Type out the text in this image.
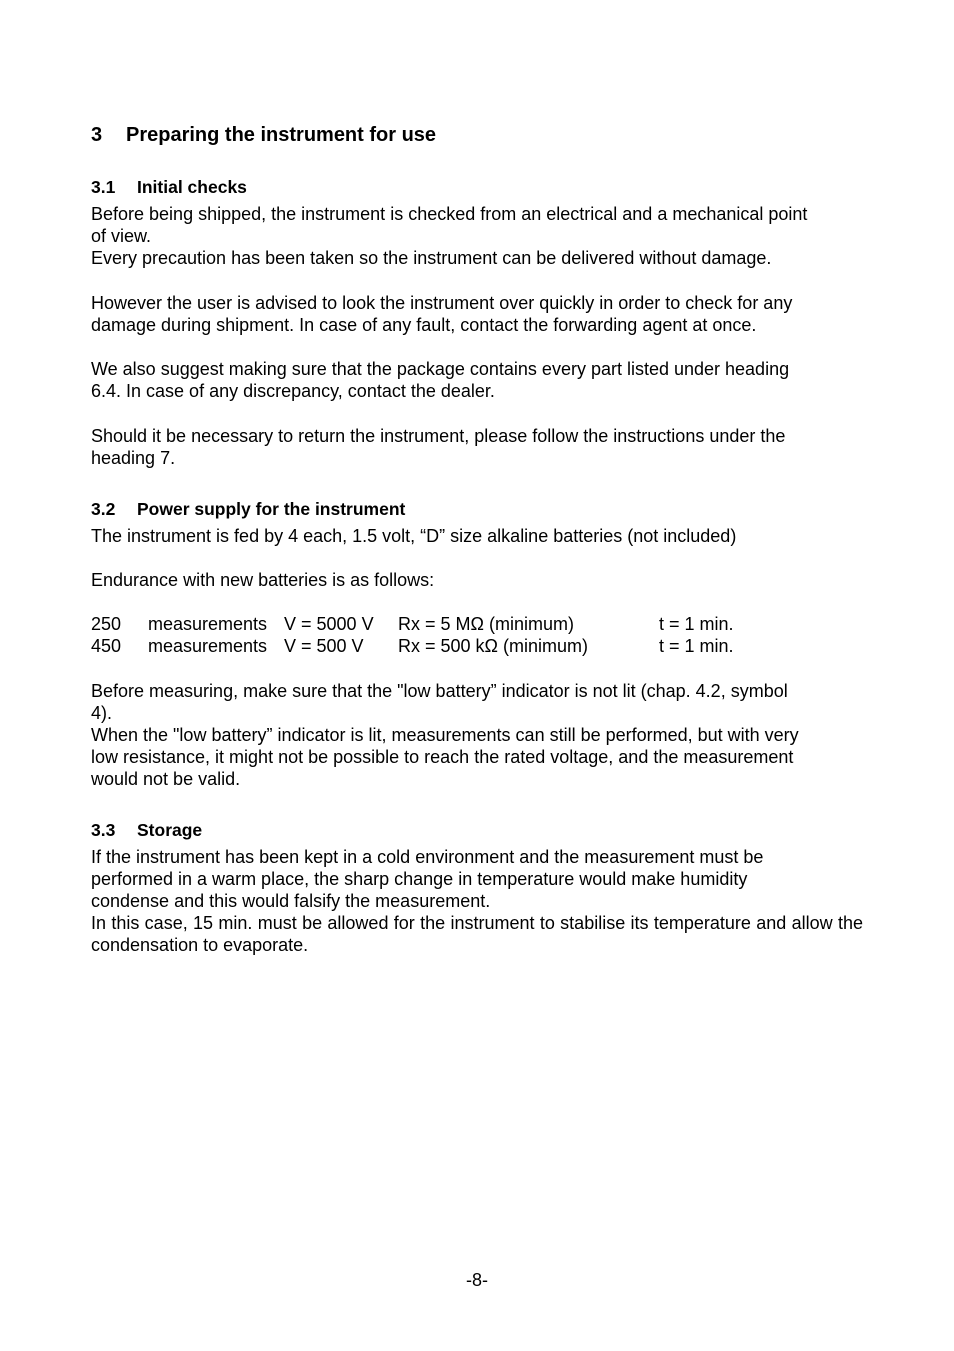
3 Preparing the instrument for use
3.1 Initial checks

Before being shipped, the instrument is checked from an electrical and a mechanical point
of view.
Every precaution has been taken so the instrument can be delivered without damage.

However the user is advised to look the instrument over quickly in order to check for any
damage during shipment. In case of any fault, contact the forwarding agent at once.

We also suggest making sure that the package contains every part listed under heading
6.4. In case of any discrepancy, contact the dealer.

Should it be necessary to return the instrument, please follow the instructions under the
heading 7.

3.2 Power supply for the instrument

The instrument is fed by 4 each, 1.5 volt, “D” size alkaline batteries (not included)

Endurance with new batteries is as follows:

250 measurements V = 5000 V Rx = 5 MΩ (minimum)	t = 1 min.
450 measurements V = 500 V Rx = 500 kΩ (minimum)	t = 1 min.

Before measuring, make sure that the "low battery” indicator is not lit (chap. 4.2, symbol
4).
When the "low battery” indicator is lit, measurements can still be performed, but with very
low resistance, it might not be possible to reach the rated voltage, and the measurement
would not be valid.

3.3 Storage

If the instrument has been kept in a cold environment and the measurement must be
performed in a warm place, the sharp change in temperature would make humidity
condense and this would falsify the measurement.
In this case, 15 min. must be allowed for the instrument to stabilise its temperature and allow the condensation to evaporate.

-8-
